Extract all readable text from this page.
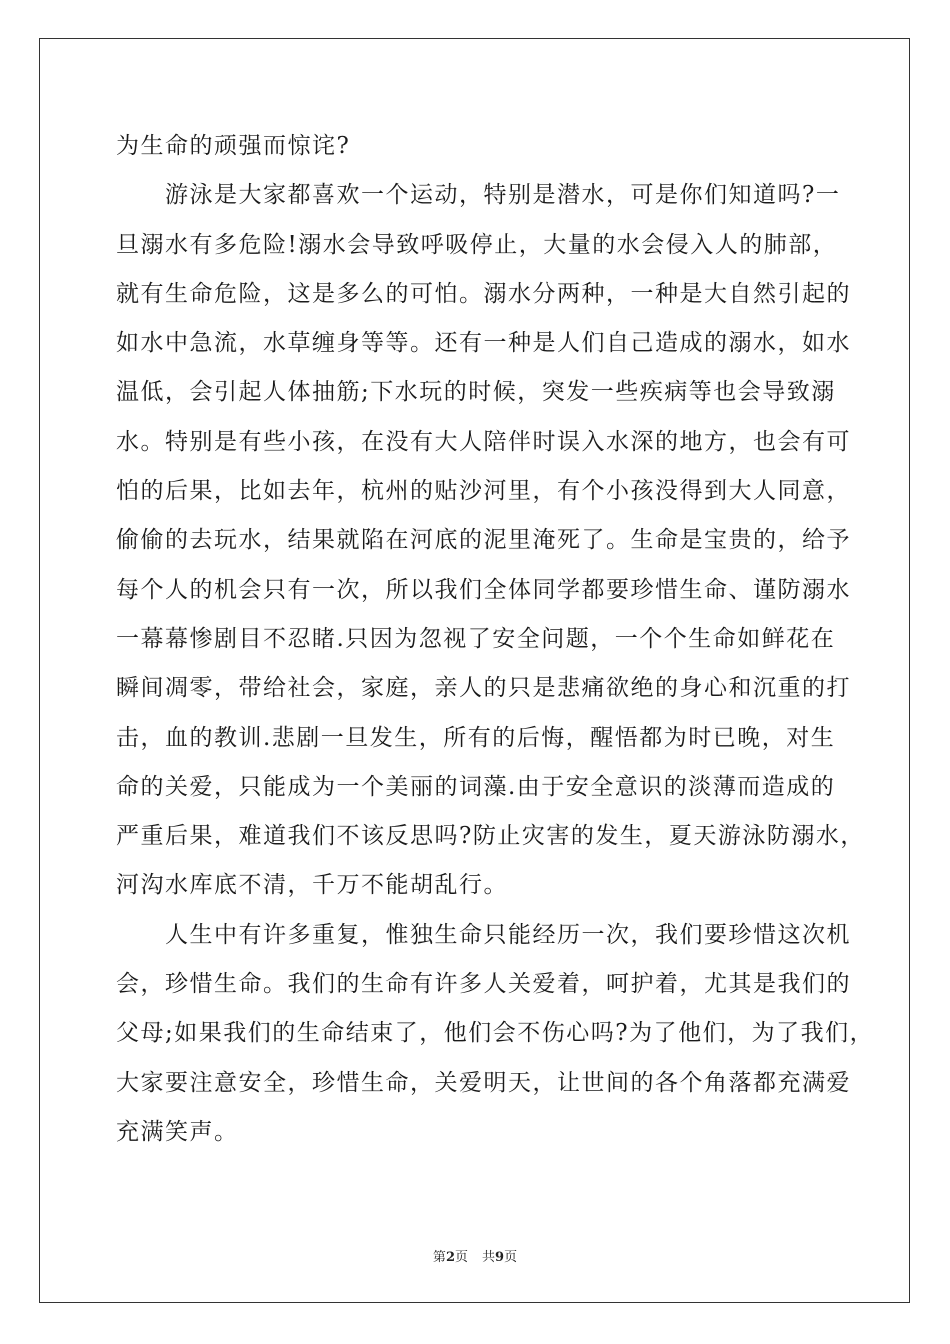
为生命的顽强而惊诧?
游泳是大家都喜欢一个运动，特别是潜水，可是你们知道吗?一
旦溺水有多危险!溺水会导致呼吸停止，大量的水会侵入人的肺部，
就有生命危险，这是多么的可怕。溺水分两种，一种是大自然引起的
如水中急流，水草缠身等等。还有一种是人们自己造成的溺水，如水
温低，会引起人体抽筋;下水玩的时候，突发一些疾病等也会导致溺
水。特别是有些小孩，在没有大人陪伴时误入水深的地方，也会有可
怕的后果，比如去年，杭州的贴沙河里，有个小孩没得到大人同意，
偷偷的去玩水，结果就陷在河底的泥里淹死了。生命是宝贵的，给予
每个人的机会只有一次，所以我们全体同学都要珍惜生命、谨防溺水
一幕幕惨剧目不忍睹.只因为忽视了安全问题，一个个生命如鲜花在
瞬间凋零，带给社会，家庭，亲人的只是悲痛欲绝的身心和沉重的打
击，血的教训.悲剧一旦发生，所有的后悔，醒悟都为时已晚，对生
命的关爱，只能成为一个美丽的词藻.由于安全意识的淡薄而造成的
严重后果，难道我们不该反思吗?防止灾害的发生，夏天游泳防溺水，
河沟水库底不清，千万不能胡乱行。
人生中有许多重复，惟独生命只能经历一次，我们要珍惜这次机
会，珍惜生命。我们的生命有许多人关爱着，呵护着，尤其是我们的
父母;如果我们的生命结束了，他们会不伤心吗?为了他们，为了我们，
大家要注意安全，珍惜生命，关爱明天，让世间的各个角落都充满爱
充满笑声。
第2页 共9页
